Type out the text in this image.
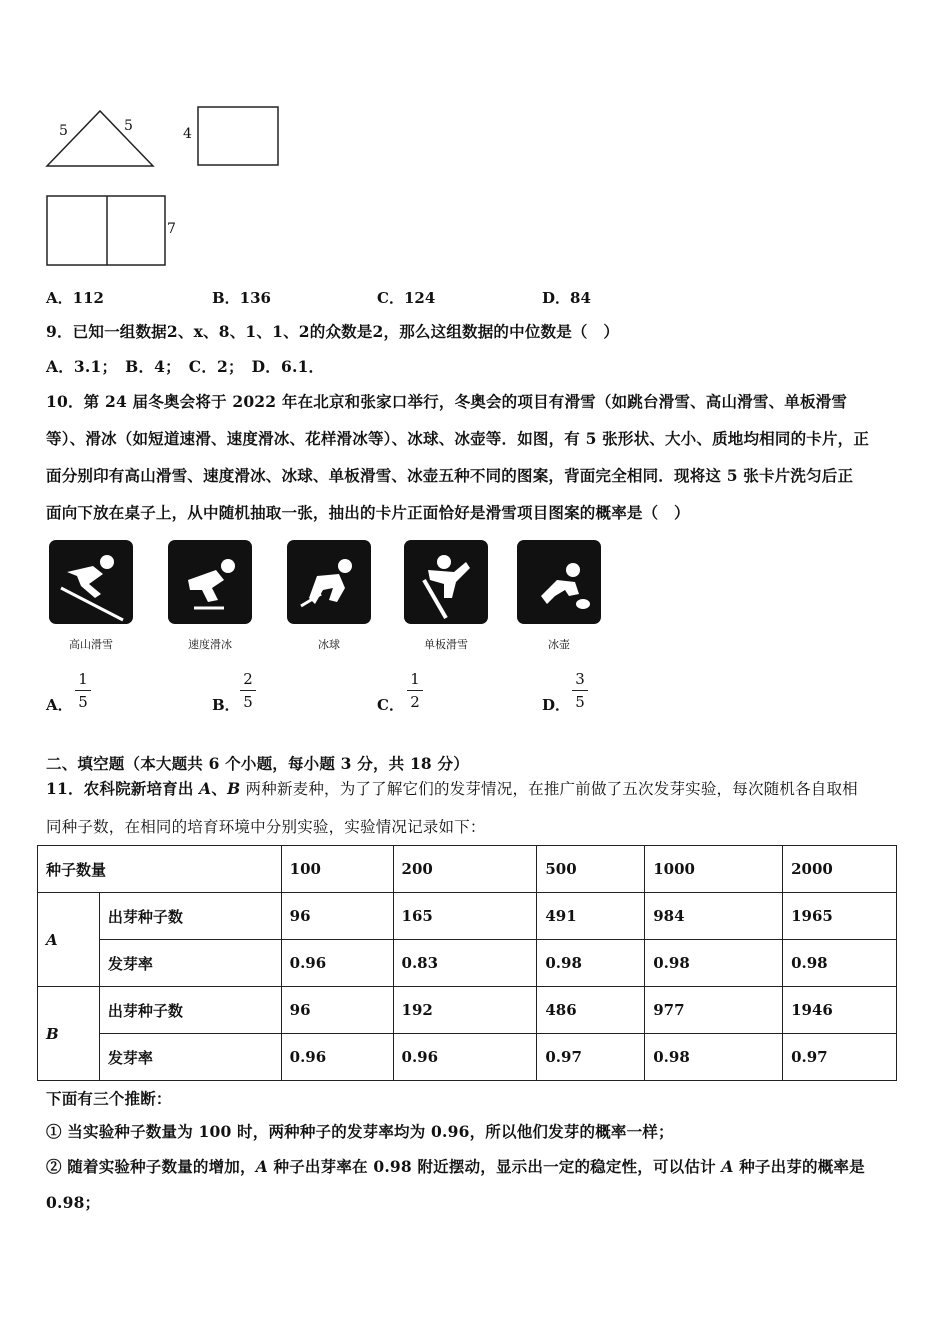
5	5	4
7
A．112	B．136	C．124	D．84
9．已知一组数据2、x、8、1、1、2的众数是2，那么这组数据的中位数是（　）
A．3.1；　B．4；　C．2；　D．6.1．
10．第 24 届冬奥会将于 2022 年在北京和张家口举行，冬奥会的项目有滑雪（如跳台滑雪、高山滑雪、单板滑雪
等）、滑冰（如短道速滑、速度滑冰、花样滑冰等）、冰球、冰壶等．如图，有 5 张形状、大小、质地均相同的卡片，正
面分别印有高山滑雪、速度滑冰、冰球、单板滑雪、冰壶五种不同的图案，背面完全相同．现将这 5 张卡片洗匀后正
面向下放在桌子上，从中随机抽取一张，抽出的卡片正面恰好是滑雪项目图案的概率是（　）
高山滑雪	速度滑冰	冰球	单板滑雪	冰壶
A．
1
5	B．
2
5	C．
1
2	D．
3
5
二、填空题（本大题共 6 个小题，每小题 3 分，共 18 分）
11．农科院新培育出 A、B 两种新麦种，为了了解它们的发芽情况，在推广前做了五次发芽实验，每次随机各自取相
同种子数，在相同的培育环境中分别实验，实验情况记录如下：
种子数量		100	200	500	1000	2000
A	出芽种子数	96	165	491	984	1965
	发芽率	0.96	0.83	0.98	0.98	0.98
B	出芽种子数	96	192	486	977	1946
	发芽率	0.96	0.96	0.97	0.98	0.97
下面有三个推断：
① 当实验种子数量为 100 时，两种种子的发芽率均为 0.96，所以他们发芽的概率一样；
② 随着实验种子数量的增加，A 种子出芽率在 0.98 附近摆动，显示出一定的稳定性，可以估计 A 种子出芽的概率是
0.98；
